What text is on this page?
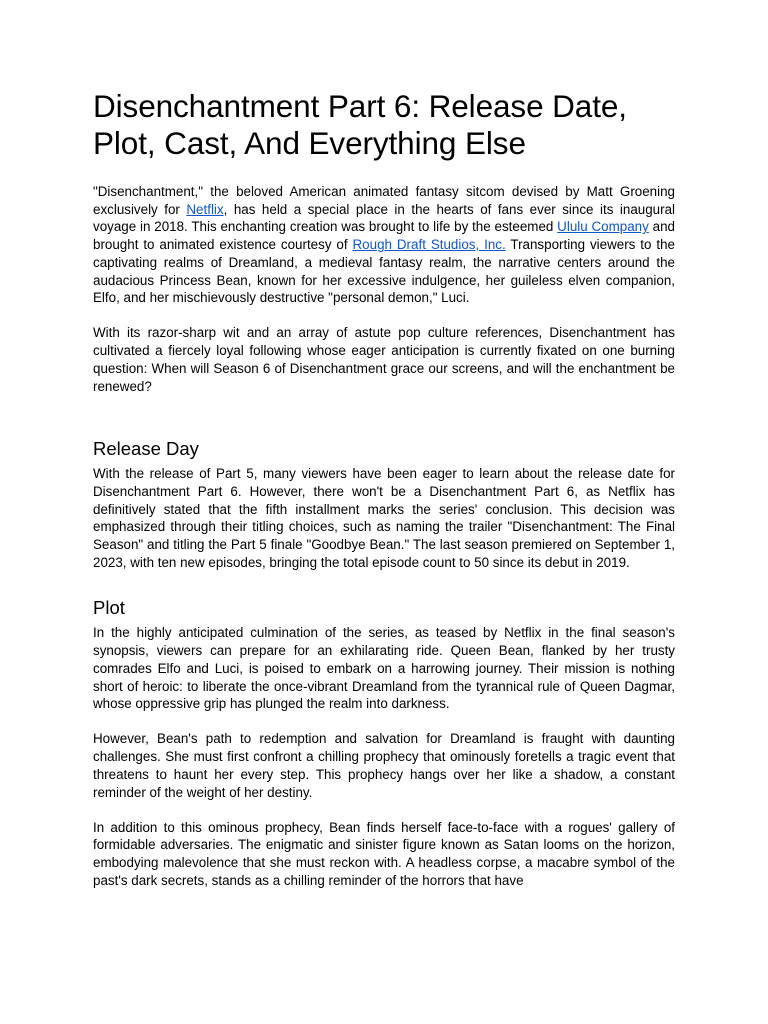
Disenchantment Part 6: Release Date, Plot, Cast, And Everything Else

"Disenchantment," the beloved American animated fantasy sitcom devised by Matt Groening exclusively for Netflix, has held a special place in the hearts of fans ever since its inaugural voyage in 2018. This enchanting creation was brought to life by the esteemed Ululu Company and brought to animated existence courtesy of Rough Draft Studios, Inc. Transporting viewers to the captivating realms of Dreamland, a medieval fantasy realm, the narrative centers around the audacious Princess Bean, known for her excessive indulgence, her guileless elven companion, Elfo, and her mischievously destructive "personal demon," Luci.

With its razor-sharp wit and an array of astute pop culture references, Disenchantment has cultivated a fiercely loyal following whose eager anticipation is currently fixated on one burning question: When will Season 6 of Disenchantment grace our screens, and will the enchantment be renewed?

Release Day

With the release of Part 5, many viewers have been eager to learn about the release date for Disenchantment Part 6. However, there won't be a Disenchantment Part 6, as Netflix has definitively stated that the fifth installment marks the series' conclusion. This decision was emphasized through their titling choices, such as naming the trailer "Disenchantment: The Final Season" and titling the Part 5 finale "Goodbye Bean." The last season premiered on September 1, 2023, with ten new episodes, bringing the total episode count to 50 since its debut in 2019.

Plot

In the highly anticipated culmination of the series, as teased by Netflix in the final season's synopsis, viewers can prepare for an exhilarating ride. Queen Bean, flanked by her trusty comrades Elfo and Luci, is poised to embark on a harrowing journey. Their mission is nothing short of heroic: to liberate the once-vibrant Dreamland from the tyrannical rule of Queen Dagmar, whose oppressive grip has plunged the realm into darkness.

However, Bean's path to redemption and salvation for Dreamland is fraught with daunting challenges. She must first confront a chilling prophecy that ominously foretells a tragic event that threatens to haunt her every step. This prophecy hangs over her like a shadow, a constant reminder of the weight of her destiny.

In addition to this ominous prophecy, Bean finds herself face-to-face with a rogues' gallery of formidable adversaries. The enigmatic and sinister figure known as Satan looms on the horizon, embodying malevolence that she must reckon with. A headless corpse, a macabre symbol of the past's dark secrets, stands as a chilling reminder of the horrors that have
